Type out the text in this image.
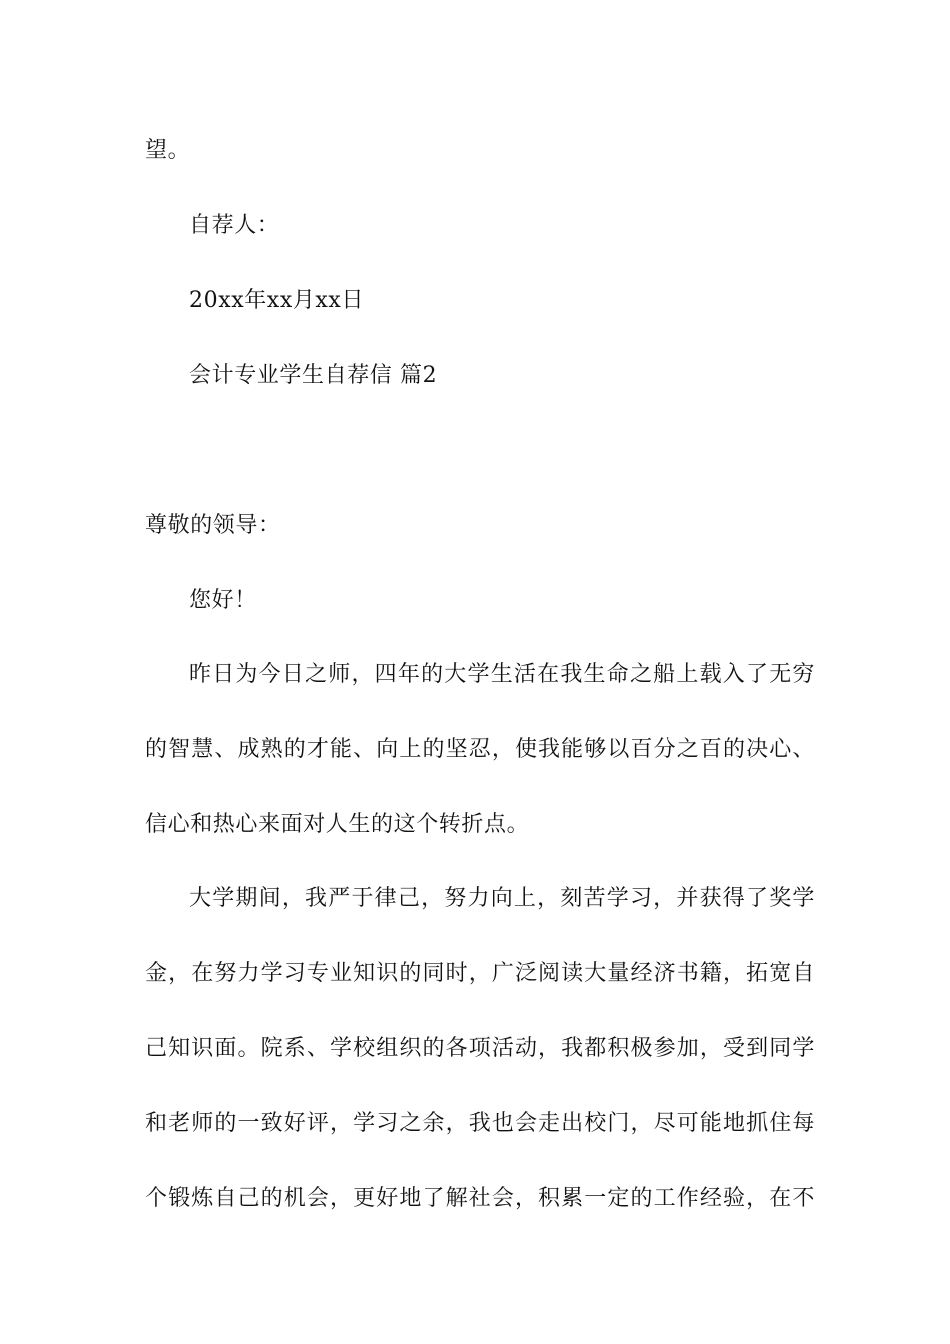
望。
自荐人：
20xx年xx月xx日
会计专业学生自荐信 篇2
尊敬的领导：
您好！
昨日为今日之师，四年的大学生活在我生命之船上载入了无穷
的智慧、成熟的才能、向上的坚忍，使我能够以百分之百的决心、
信心和热心来面对人生的这个转折点。
大学期间，我严于律己，努力向上，刻苦学习，并获得了奖学
金，在努力学习专业知识的同时，广泛阅读大量经济书籍，拓宽自
己知识面。院系、学校组织的各项活动，我都积极参加，受到同学
和老师的一致好评，学习之余，我也会走出校门，尽可能地抓住每
个锻炼自己的机会，更好地了解社会，积累一定的工作经验，在不
